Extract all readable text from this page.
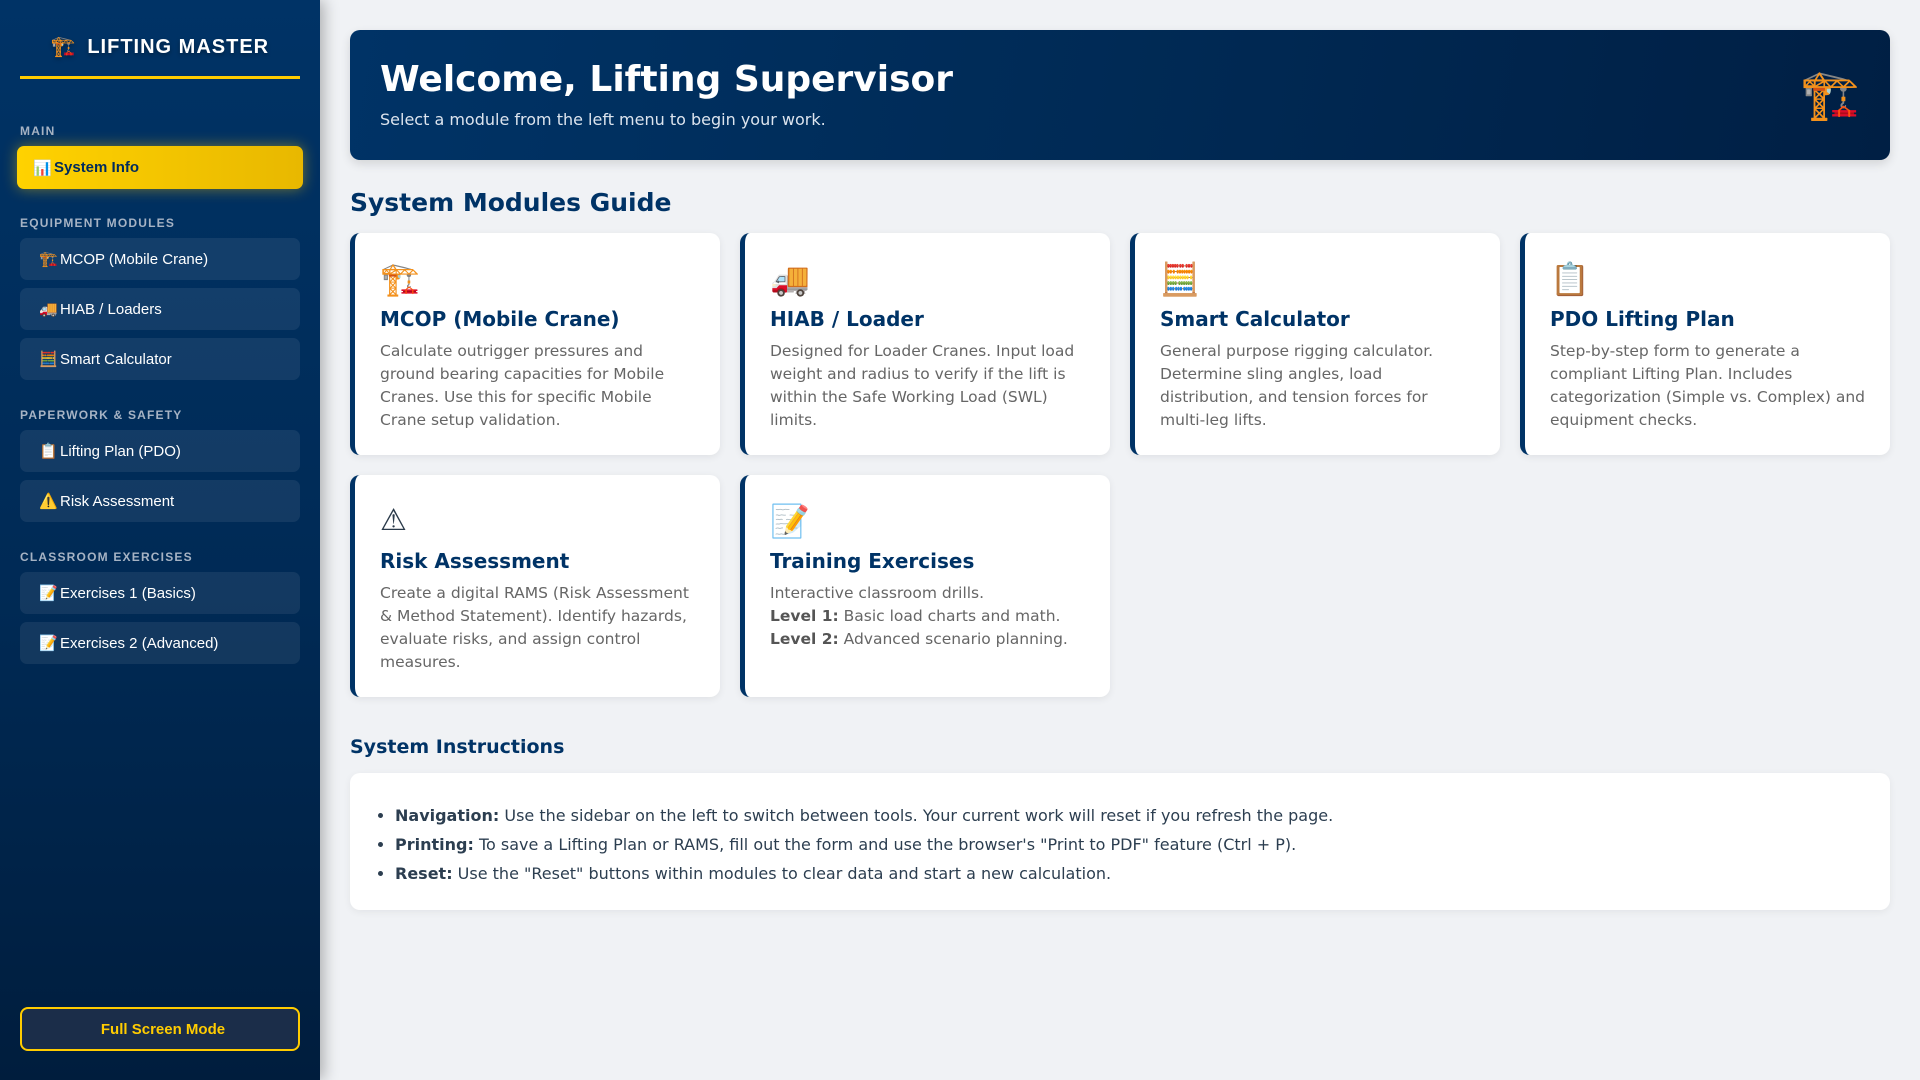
🏗️ LIFTING MASTER
MAIN
📊 System Info
EQUIPMENT MODULES
🏗️ MCOP (Mobile Crane)
🚚 HIAB / Loaders
🧮 Smart Calculator
PAPERWORK & SAFETY
📋 Lifting Plan (PDO)
⚠️ Risk Assessment
CLASSROOM EXERCISES
📝 Exercises 1 (Basics)
📝 Exercises 2 (Advanced)
Full Screen Mode
Welcome, Lifting Supervisor

Select a module from the left menu to begin your work.	🏗️
System Modules Guide
🏗️
MCOP (Mobile Crane)
Calculate outrigger pressures and ground bearing capacities for Mobile Cranes. Use this for specific Mobile Crane setup validation.
🚚
HIAB / Loader
Designed for Loader Cranes. Input load weight and radius to verify if the lift is within the Safe Working Load (SWL) limits.
🧮
Smart Calculator
General purpose rigging calculator. Determine sling angles, load distribution, and tension forces for multi-leg lifts.
📋
PDO Lifting Plan
Step-by-step form to generate a compliant Lifting Plan. Includes categorization (Simple vs. Complex) and equipment checks.
⚠
Risk Assessment
Create a digital RAMS (Risk Assessment & Method Statement). Identify hazards, evaluate risks, and assign control measures.
📝
Training Exercises
Interactive classroom drills.
Level 1: Basic load charts and math.
Level 2: Advanced scenario planning.
System Instructions
• Navigation: Use the sidebar on the left to switch between tools. Your current work will reset if you refresh the page.
• Printing: To save a Lifting Plan or RAMS, fill out the form and use the browser's "Print to PDF" feature (Ctrl + P).
• Reset: Use the "Reset" buttons within modules to clear data and start a new calculation.
